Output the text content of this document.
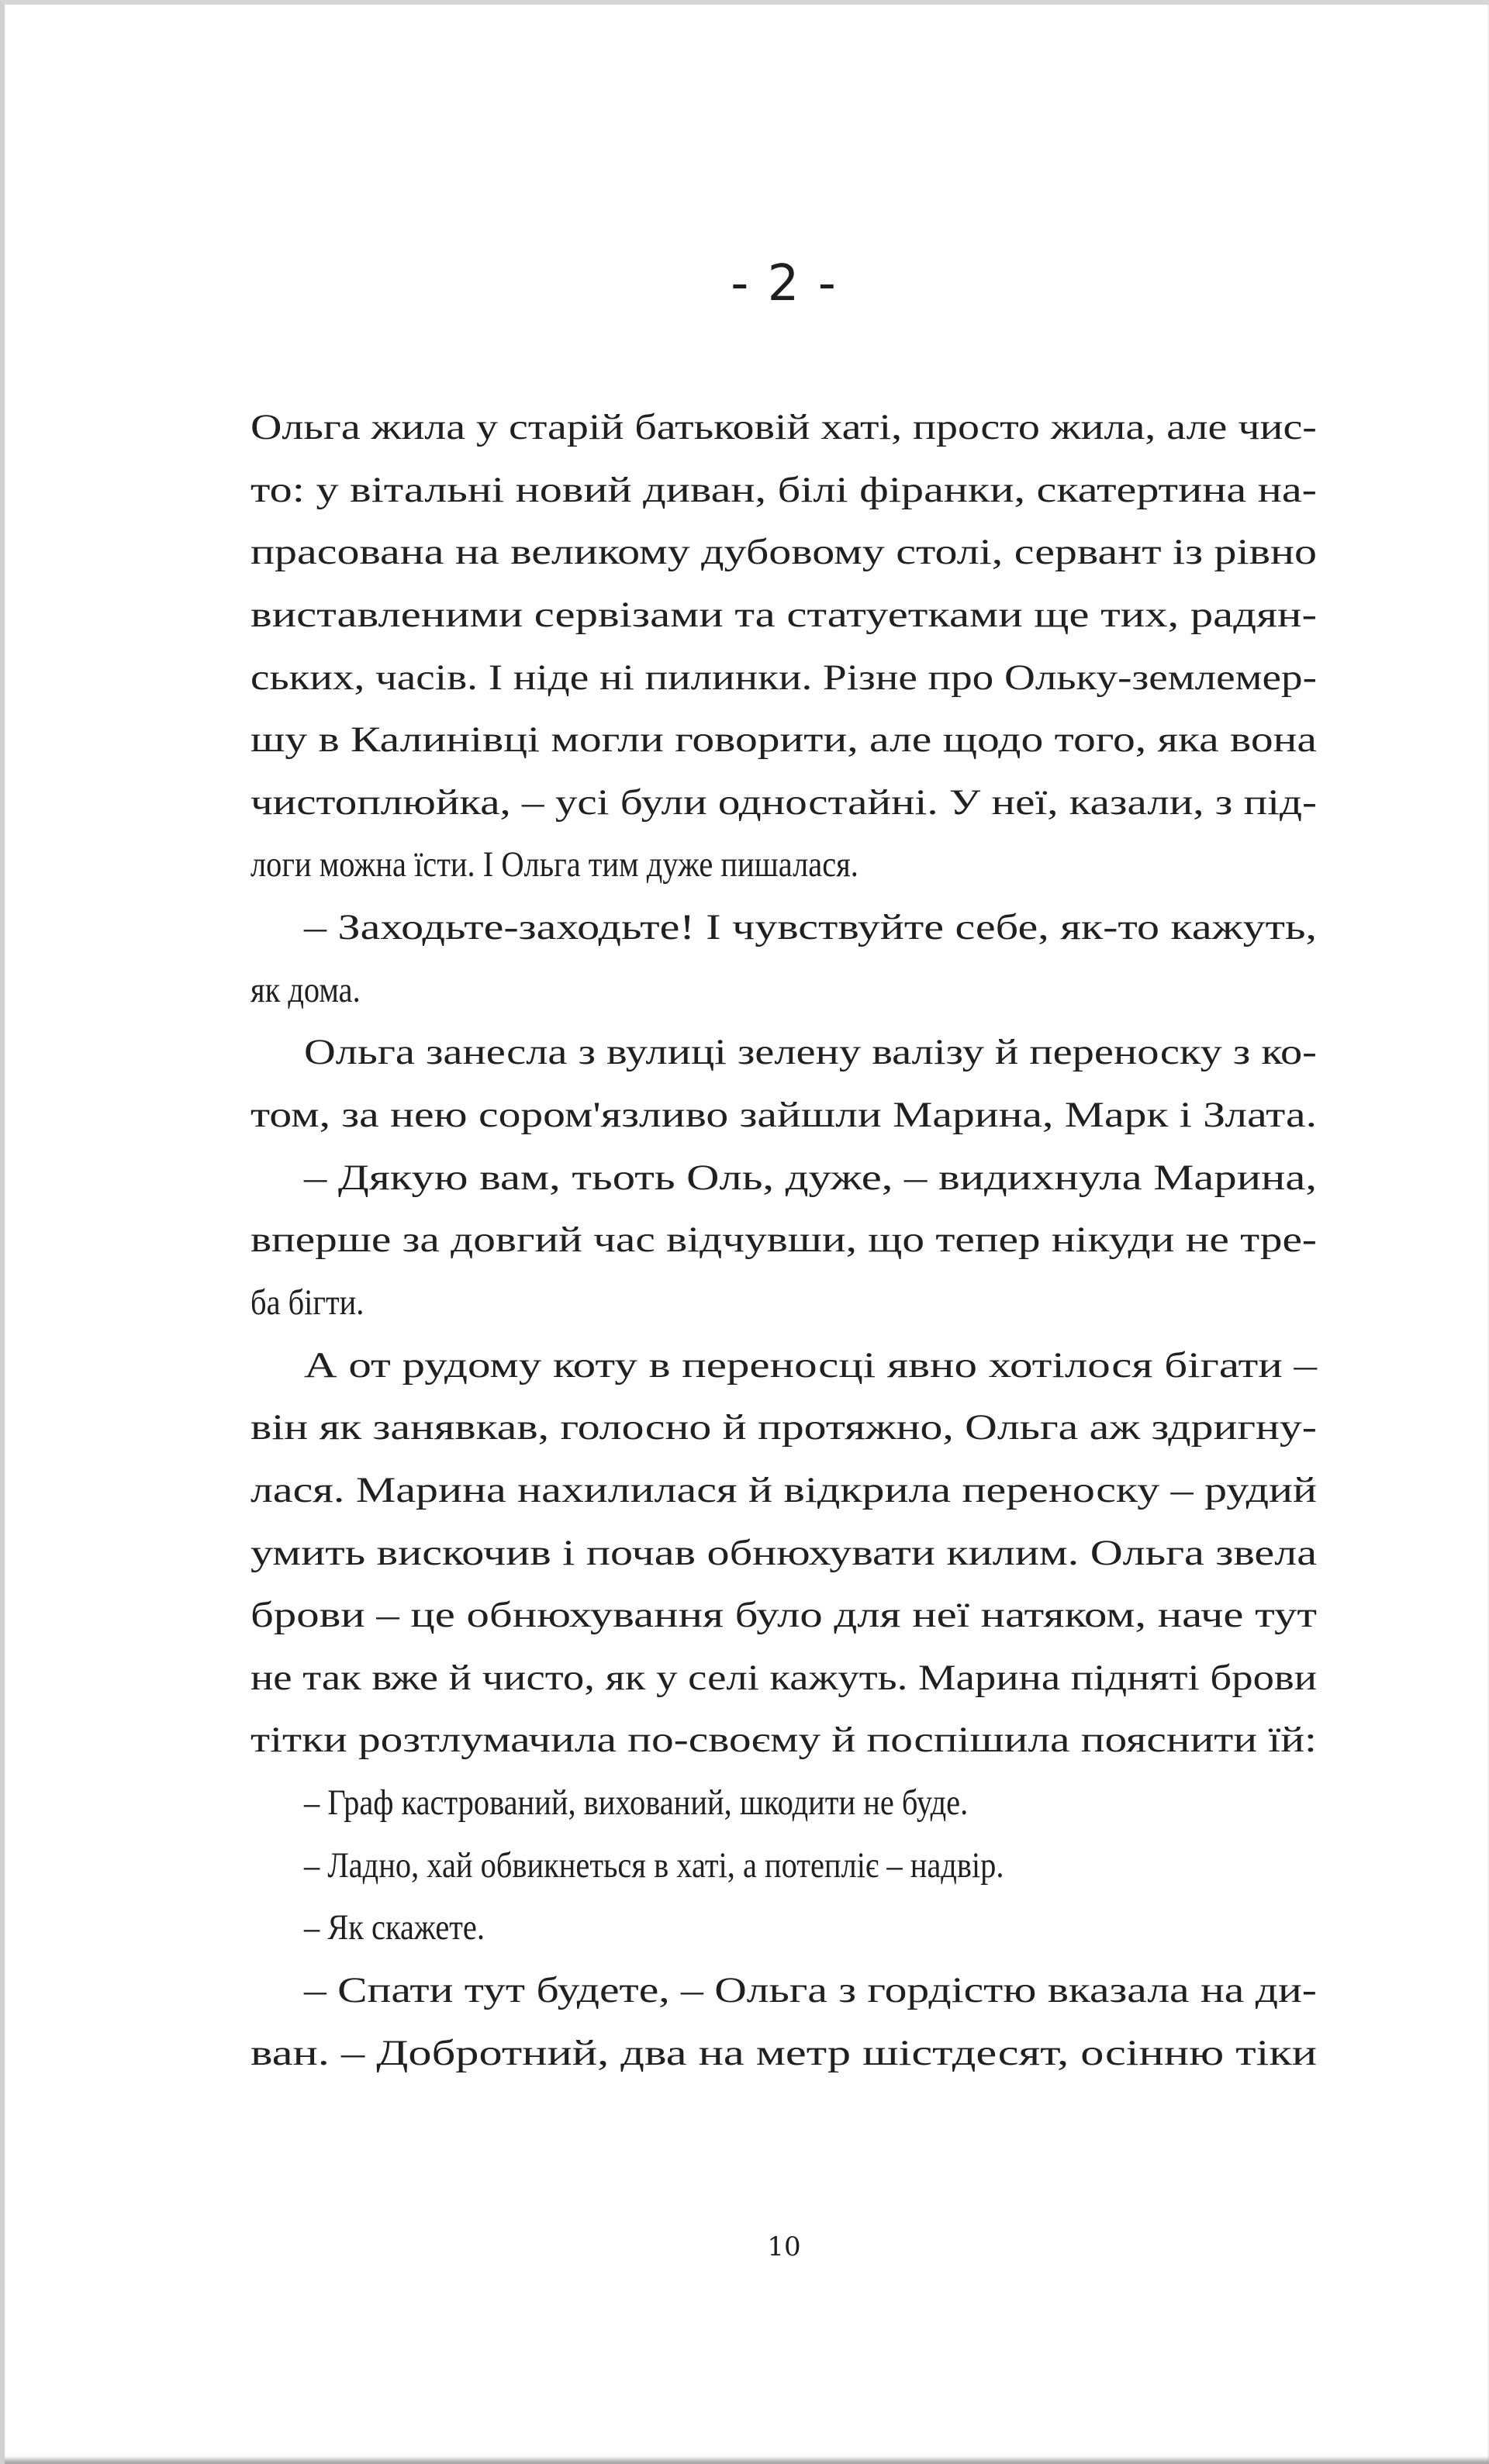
- 2 -
Ольга жила у старій батьковій хаті, просто жила, але чис-
то: у вітальні новий диван, білі фіранки, скатертина на-
прасована на великому дубовому столі, сервант із рівно
виставленими сервізами та статуетками ще тих, радян-
ських, часів. І ніде ні пилинки. Різне про Ольку-землемер-
шу в Калинівці могли говорити, але щодо того, яка вона
чистоплюйка, – усі були одностайні. У неї, казали, з під-
логи можна їсти. І Ольга тим дуже пишалася.
– Заходьте-заходьте! І чувствуйте себе, як-то кажуть,
як дома.
Ольга занесла з вулиці зелену валізу й переноску з ко-
том, за нею сором'язливо зайшли Марина, Марк і Злата.
– Дякую вам, тьоть Оль, дуже, – видихнула Марина,
вперше за довгий час відчувши, що тепер нікуди не тре-
ба бігти.
А от рудому коту в переносці явно хотілося бігати –
він як занявкав, голосно й протяжно, Ольга аж здригну-
лася. Марина нахилилася й відкрила переноску – рудий
умить вискочив і почав обнюхувати килим. Ольга звела
брови – це обнюхування було для неї натяком, наче тут
не так вже й чисто, як у селі кажуть. Марина підняті брови
тітки розтлумачила по-своєму й поспішила пояснити їй:
– Граф кастрований, вихований, шкодити не буде.
– Ладно, хай обвикнеться в хаті, а потепліє – надвір.
– Як скажете.
– Спати тут будете, – Ольга з гордістю вказала на ди-
ван. – Добротний, два на метр шістдесят, осінню тіки
10
